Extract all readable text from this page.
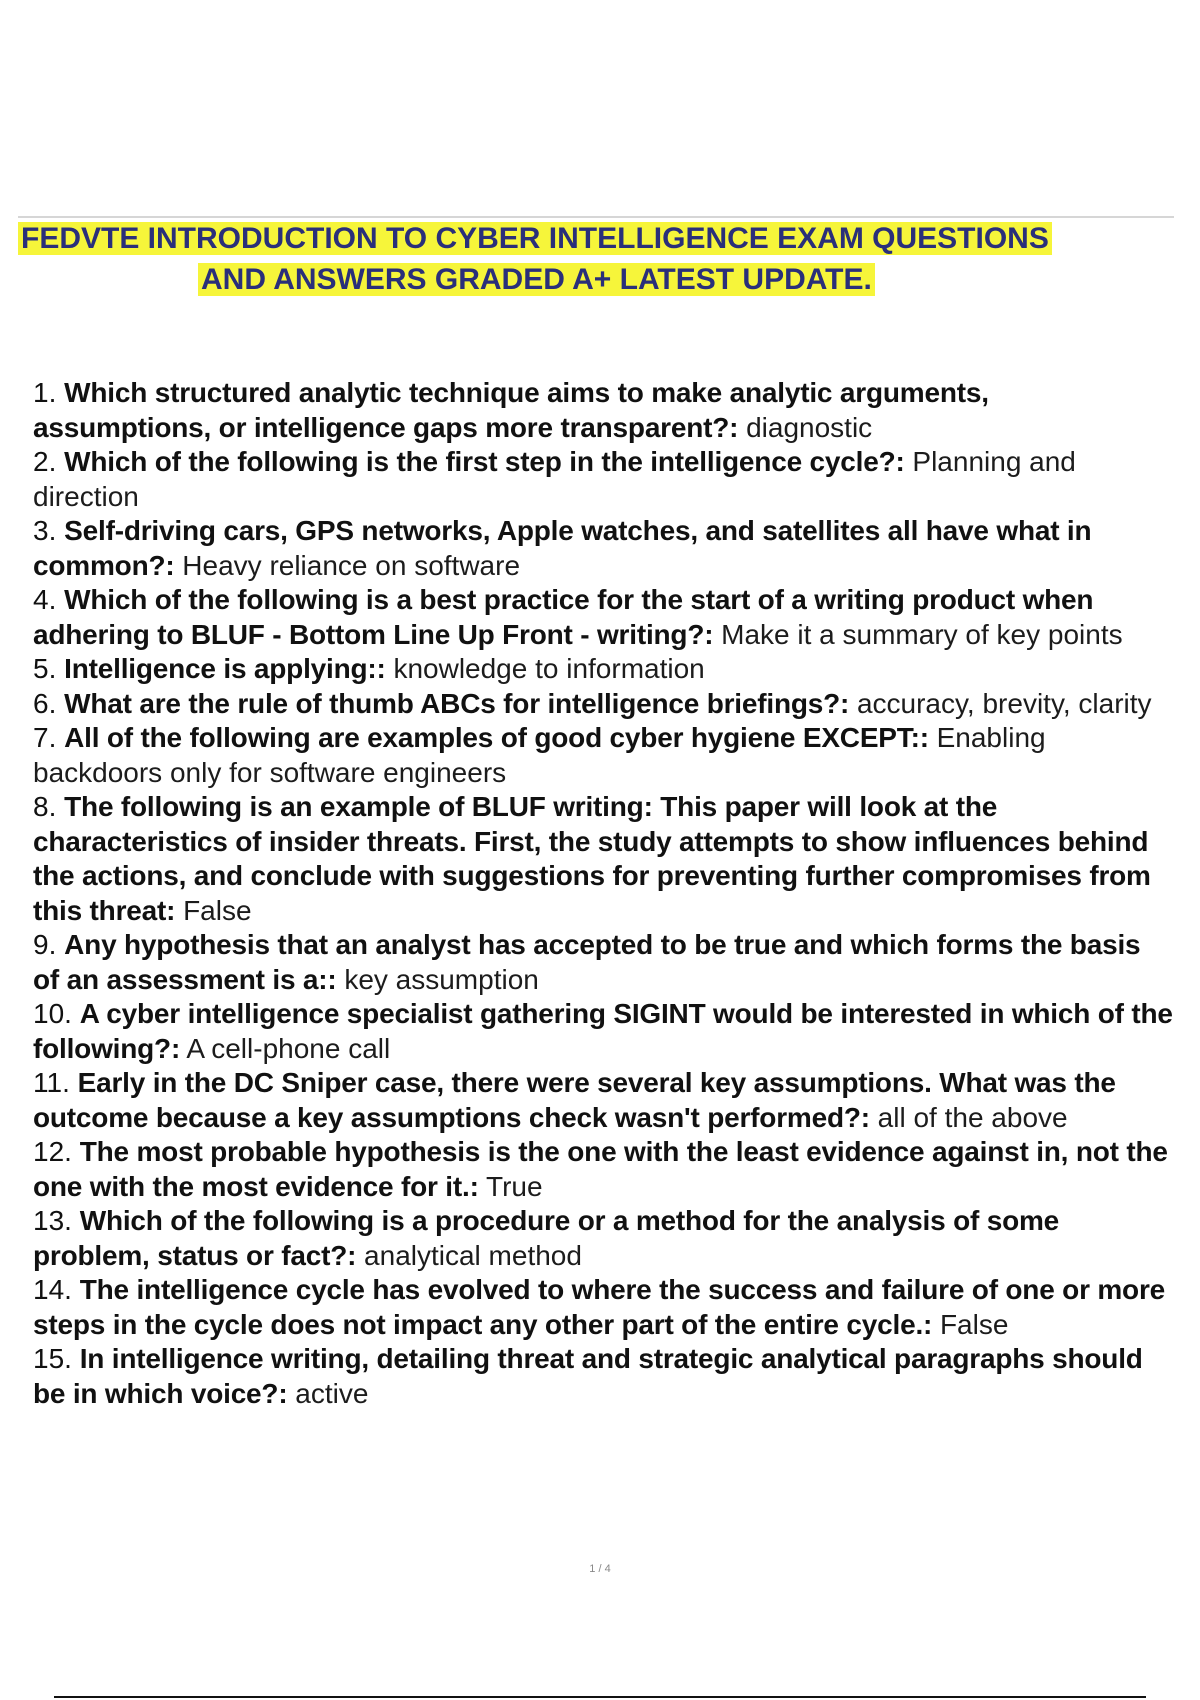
FEDVTE INTRODUCTION TO CYBER INTELLIGENCE EXAM QUESTIONS
AND ANSWERS GRADED A+ LATEST UPDATE.

1. Which structured analytic technique aims to make analytic arguments, assumptions, or intelligence gaps more transparent?: diagnostic

2. Which of the following is the first step in the intelligence cycle?: Planning and direction

3. Self-driving cars, GPS networks, Apple watches, and satellites all have what in common?: Heavy reliance on software

4. Which of the following is a best practice for the start of a writing product when adhering to BLUF - Bottom Line Up Front - writing?: Make it a summary of key points

5. Intelligence is applying:: knowledge to information

6. What are the rule of thumb ABCs for intelligence briefings?: accuracy, brevity, clarity

7. All of the following are examples of good cyber hygiene EXCEPT:: Enabling backdoors only for software engineers

8. The following is an example of BLUF writing: This paper will look at the characteristics of insider threats. First, the study attempts to show influences behind the actions, and conclude with suggestions for preventing further compromises from this threat: False

9. Any hypothesis that an analyst has accepted to be true and which forms the basis of an assessment is a:: key assumption

10. A cyber intelligence specialist gathering SIGINT would be interested in which of the following?: A cell-phone call

11. Early in the DC Sniper case, there were several key assumptions. What was the outcome because a key assumptions check wasn't performed?: all of the above

12. The most probable hypothesis is the one with the least evidence against in, not the one with the most evidence for it.: True

13. Which of the following is a procedure or a method for the analysis of some problem, status or fact?: analytical method

14. The intelligence cycle has evolved to where the success and failure of one or more steps in the cycle does not impact any other part of the entire cycle.: False

15. In intelligence writing, detailing threat and strategic analytical paragraphs should be in which voice?: active

1 / 4
